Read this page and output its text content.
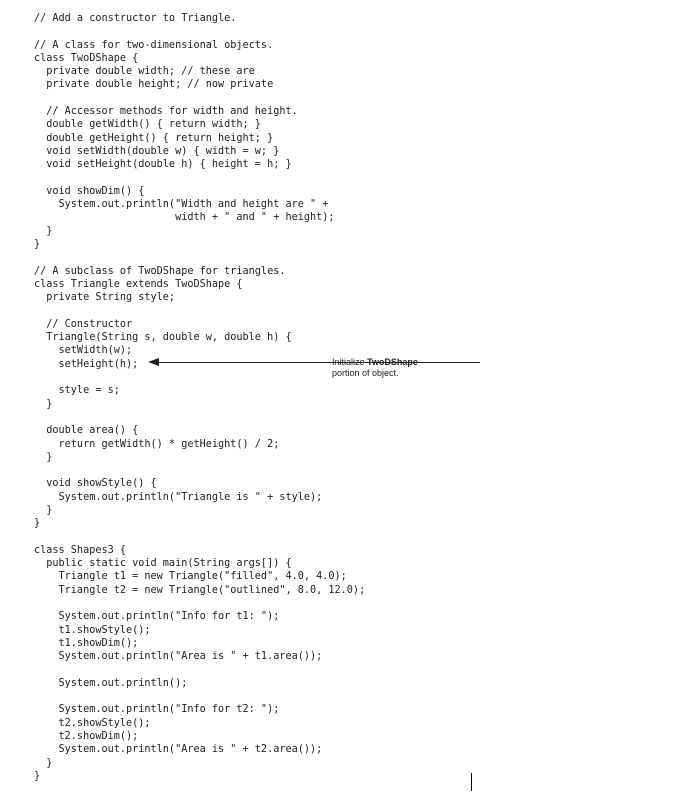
// Add a constructor to Triangle.
// A class for two-dimensional objects.
class TwoDShape {
private double width; // these are
private double height; // now private
// Accessor methods for width and height.
double getWidth() { return width; }
double getHeight() { return height; }
void setWidth(double w) { width = w; }
void setHeight(double h) { height = h; }
void showDim() {
System.out.println("Width and height are " +
width + " and " + height);
}
}
// A subclass of TwoDShape for triangles.
class Triangle extends TwoDShape {
private String style;
// Constructor
Triangle(String s, double w, double h) {
setWidth(w);
setHeight(h);
style = s;
}
double area() {
return getWidth() * getHeight() / 2;
}
void showStyle() {
System.out.println("Triangle is " + style);
}
}
class Shapes3 {
public static void main(String args[]) {
Triangle t1 = new Triangle("filled", 4.0, 4.0);
Triangle t2 = new Triangle("outlined", 8.0, 12.0);
System.out.println("Info for t1: ");
t1.showStyle();
t1.showDim();
System.out.println("Area is " + t1.area());
System.out.println();
System.out.println("Info for t2: ");
t2.showStyle();
t2.showDim();
System.out.println("Area is " + t2.area());
}
}
Initialize TwoDShape
portion of object.
